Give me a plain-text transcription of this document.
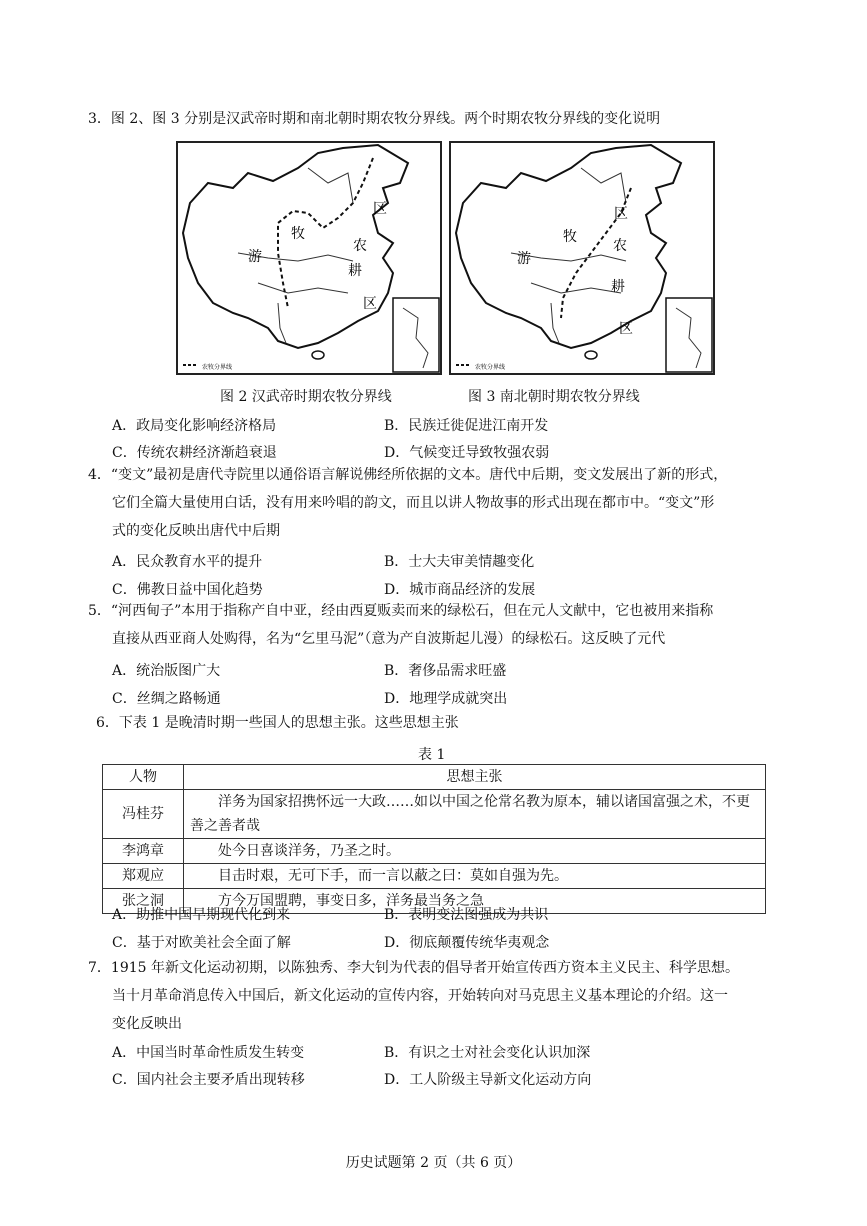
3．图 2、图 3 分别是汉武帝时期和南北朝时期农牧分界线。两个时期农牧分界线的变化说明
农牧分界线
区
牧
农
游
耕
区
农牧分界线
区
牧
农
游
耕
区
图 2 汉武帝时期农牧分界线	图 3 南北朝时期农牧分界线
A．政局变化影响经济格局	B．民族迁徙促进江南开发
C．传统农耕经济渐趋衰退	D．气候变迁导致牧强农弱
4．“变文”最初是唐代寺院里以通俗语言解说佛经所依据的文本。唐代中后期，变文发展出了新的形式，
它们全篇大量使用白话，没有用来吟唱的韵文，而且以讲人物故事的形式出现在都市中。“变文”形
式的变化反映出唐代中后期
A．民众教育水平的提升	B．士大夫审美情趣变化
C．佛教日益中国化趋势	D．城市商品经济的发展
5．“河西甸子”本用于指称产自中亚，经由西夏贩卖而来的绿松石，但在元人文献中，它也被用来指称
直接从西亚商人处购得，名为“乞里马泥”（意为产自波斯起儿漫）的绿松石。这反映了元代
A．统治版图广大	B．奢侈品需求旺盛
C．丝绸之路畅通	D．地理学成就突出
6．下表 1 是晚清时期一些国人的思想主张。这些思想主张
表 1
人物	思想主张
冯桂芬	洋务为国家招携怀远一大政……如以中国之伦常名教为原本，辅以诸国富强之术，不更善之善者哉
李鸿章	处今日喜谈洋务，乃圣之时。
郑观应	目击时艰，无可下手，而一言以蔽之曰：莫如自强为先。
张之洞	方今万国盟聘，事变日多，洋务最当务之急
A．助推中国早期现代化到来	B．表明变法图强成为共识
C．基于对欧美社会全面了解	D．彻底颠覆传统华夷观念
7．1915 年新文化运动初期，以陈独秀、李大钊为代表的倡导者开始宣传西方资本主义民主、科学思想。
当十月革命消息传入中国后，新文化运动的宣传内容，开始转向对马克思主义基本理论的介绍。这一
变化反映出
A．中国当时革命性质发生转变	B．有识之士对社会变化认识加深
C．国内社会主要矛盾出现转移	D．工人阶级主导新文化运动方向
历史试题第 2 页（共 6 页）
